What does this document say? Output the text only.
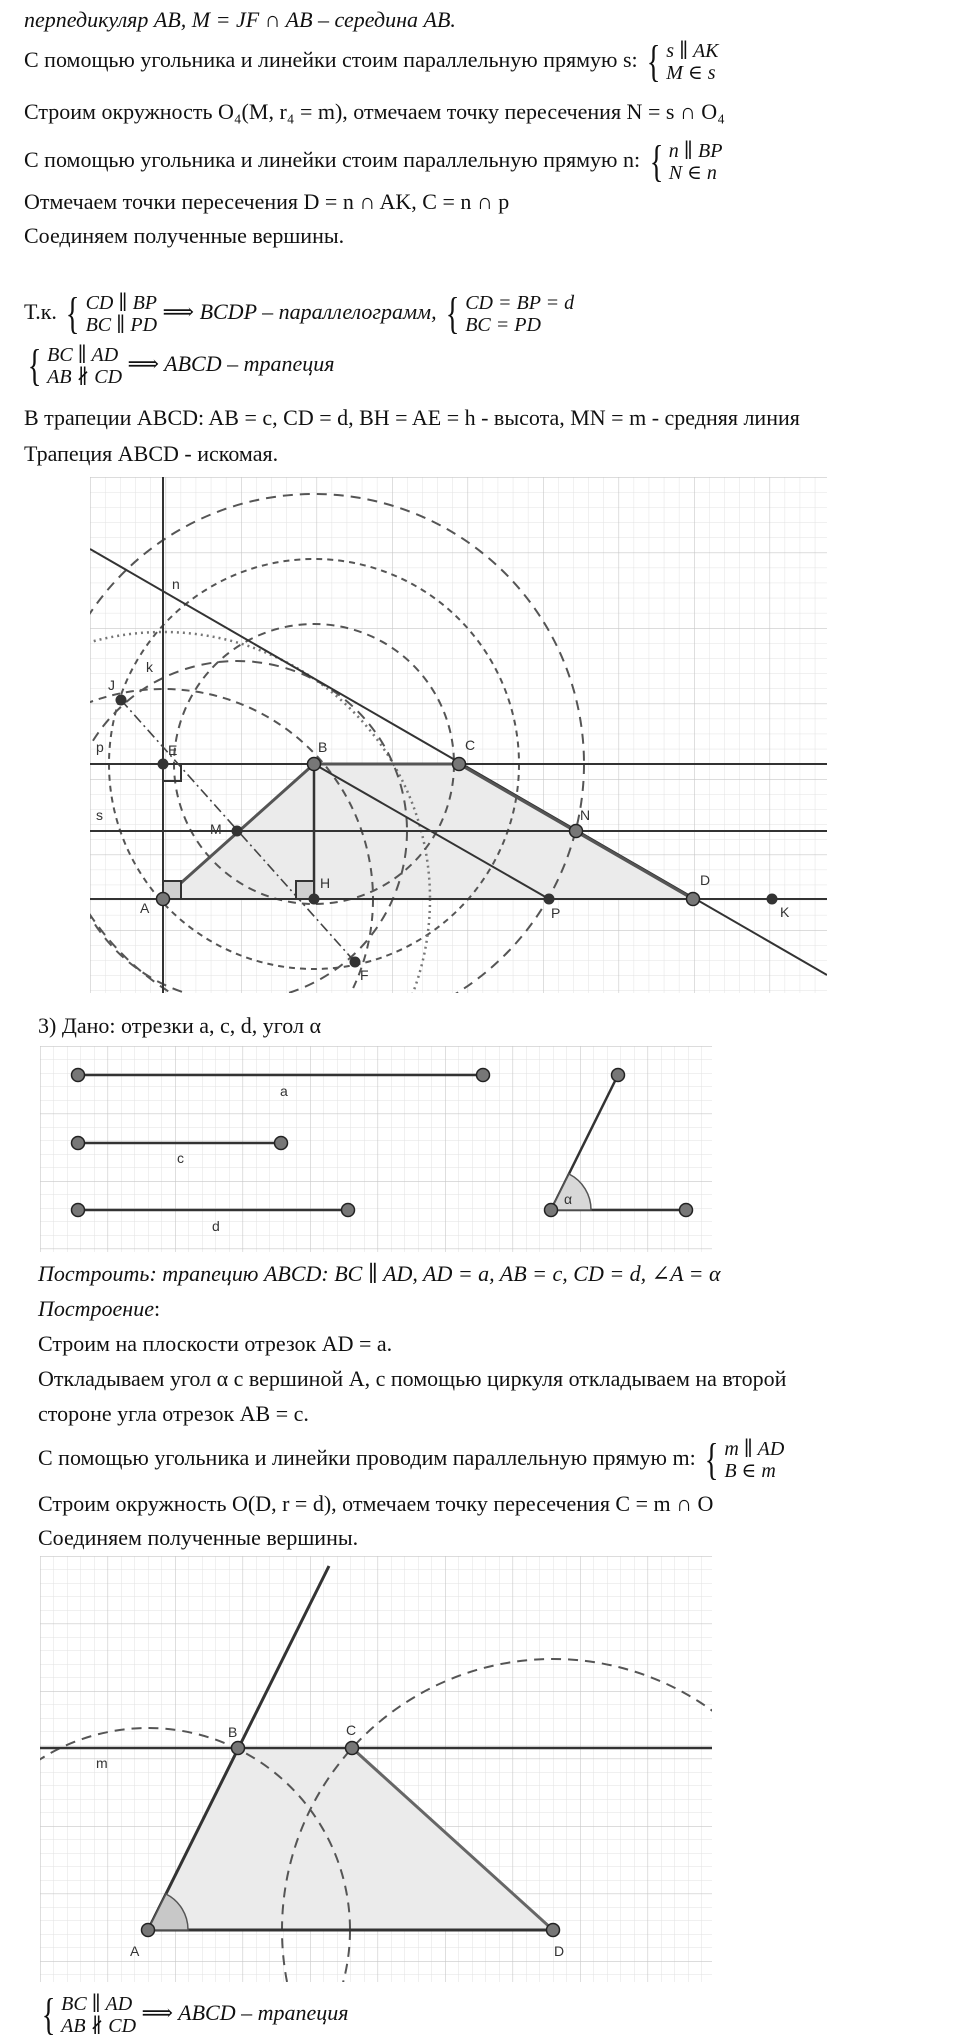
перпедикуляр AB, M = JF ∩ AB – середина AB.
С помощью угольника и линейки стоим параллельную прямую s: { s ∥ AK
M ∈ s
Строим окружность O₄(M, r₄ = m), отмечаем точку пересечения N = s ∩ O₄
С помощью угольника и линейки стоим параллельную прямую n: { n ∥ BP
N ∈ n
Отмечаем точки пересечения D = n ∩ AK, C = n ∩ p
Соединяем полученные вершины.
Т.к. { CD ∥ BP
BC ∥ PD
⟹ BCDP – параллелограмм, { CD = BP = d
BC = PD
{ BC ∥ AD
AB ∦ CD
⟹ ABCD – трапеция
В трапеции ABCD: AB = c, CD = d, BH = AE = h - высота, MN = m - средняя линия
Трапеция ABCD - искомая.
n
k
J
p	E	B	C
s
M
N
A
H
P
D
K
F
3) Дано: отрезки a, c, d, угол α
a
c
d
α
Построить: трапецию ABCD: BC ∥ AD, AD = a, AB = c, CD = d, ∠A = α
Построение:
Строим на плоскости отрезок AD = a.
Откладываем угол α с вершиной A, с помощью циркуля откладываем на второй
стороне угла отрезок AB = c.
С помощью угольника и линейки проводим параллельную прямую m: { m ∥ AD
B ∈ m
Строим окружность O(D, r = d), отмечаем точку пересечения C = m ∩ O
Соединяем полученные вершины.
B	C
m
A	D
{ BC ∥ AD
AB ∦ CD
⟹ ABCD – трапеция
